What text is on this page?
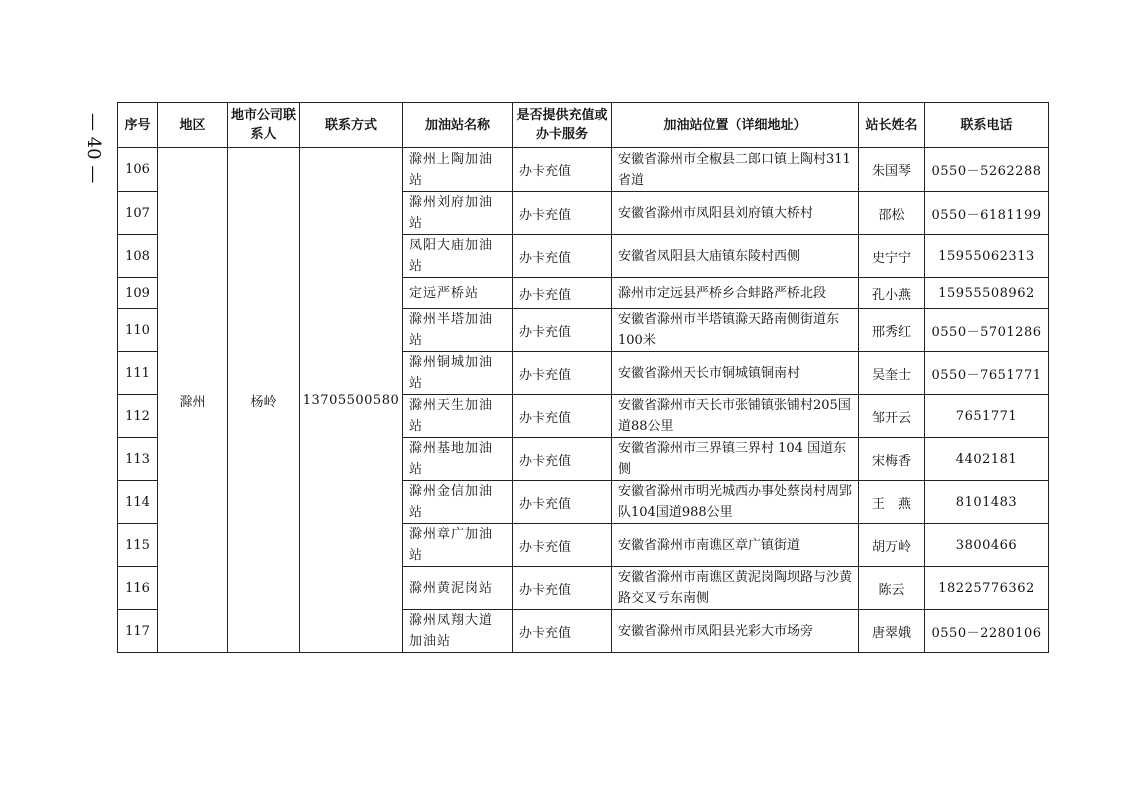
— 40 — 序号	地区	地市公司联系人	联系方式	加油站名称	是否提供充值或办卡服务	加油站位置（详细地址）	站长姓名	联系电话
106	滁州	杨岭	13705500580	滁州上陶加油站	办卡充值	安徽省滁州市全椒县二郎口镇上陶村311省道	朱国琴	0550－5262288
107				滁州刘府加油站	办卡充值	安徽省滁州市凤阳县刘府镇大桥村	邵松	0550－6181199
108				凤阳大庙加油站	办卡充值	安徽省凤阳县大庙镇东陵村西侧	史宁宁	15955062313
109				定远严桥站	办卡充值	滁州市定远县严桥乡合蚌路严桥北段	孔小燕	15955508962
110				滁州半塔加油站	办卡充值	安徽省滁州市半塔镇滁天路南侧街道东100米	邢秀红	0550－5701286
111				滁州铜城加油站	办卡充值	安徽省滁州天长市铜城镇铜南村	吴奎士	0550－7651771
112				滁州天生加油站	办卡充值	安徽省滁州市天长市张铺镇张铺村205国道88公里	邹开云	7651771
113				滁州基地加油站	办卡充值	安徽省滁州市三界镇三界村 104 国道东侧	宋梅香	4402181
114				滁州金信加油站	办卡充值	安徽省滁州市明光城西办事处蔡岗村周郢队104国道988公里	王　燕	8101483
115				滁州章广加油站	办卡充值	安徽省滁州市南谯区章广镇街道	胡万岭	3800466
116				滁州黄泥岗站	办卡充值	安徽省滁州市南谯区黄泥岗陶坝路与沙黄路交叉亏东南侧	陈云	18225776362
117				滁州凤翔大道加油站	办卡充值	安徽省滁州市凤阳县光彩大市场旁	唐翠娥	0550－2280106
